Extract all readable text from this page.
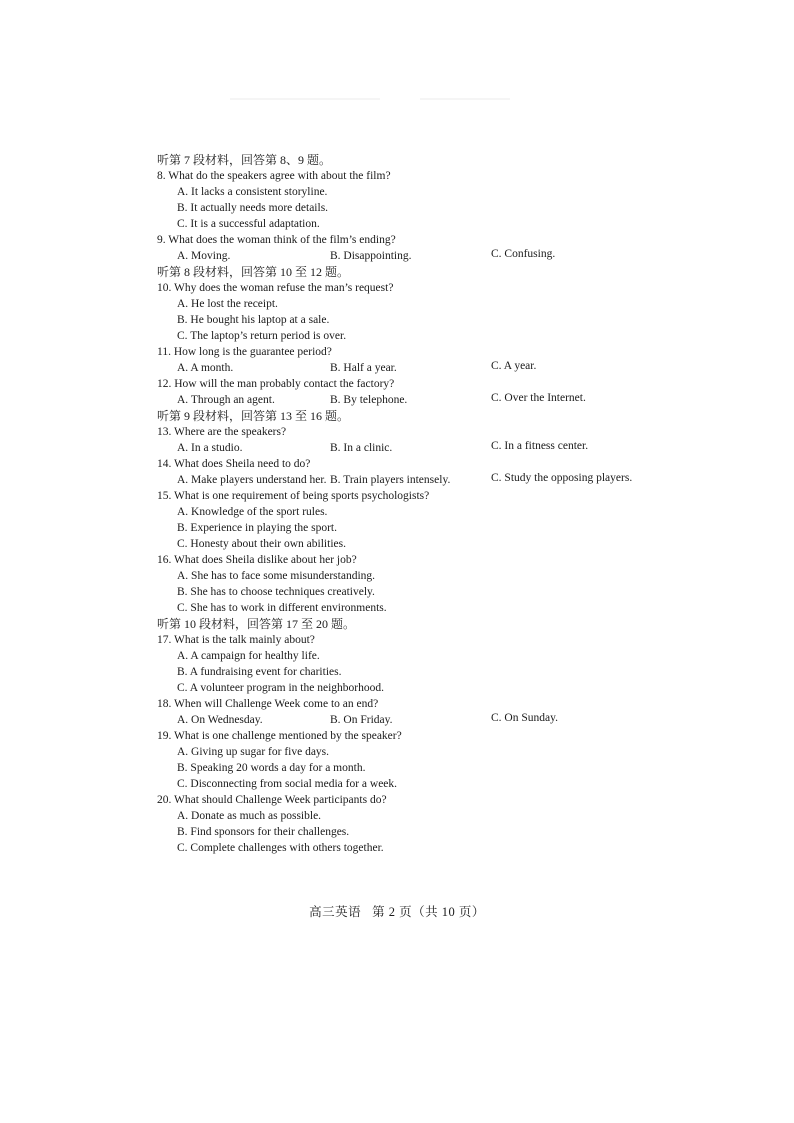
听第 7 段材料，回答第 8、9 题。
8. What do the speakers agree with about the film?
A. It lacks a consistent storyline.
B. It actually needs more details.
C. It is a successful adaptation.
9. What does the woman think of the film’s ending?
A. Moving.	B. Disappointing.	C. Confusing.
听第 8 段材料，回答第 10 至 12 题。
10. Why does the woman refuse the man’s request?
A. He lost the receipt.
B. He bought his laptop at a sale.
C. The laptop’s return period is over.
11. How long is the guarantee period?
A. A month.	B. Half a year.	C. A year.
12. How will the man probably contact the factory?
A. Through an agent.	B. By telephone.	C. Over the Internet.
听第 9 段材料，回答第 13 至 16 题。
13. Where are the speakers?
A. In a studio.	B. In a clinic.	C. In a fitness center.
14. What does Sheila need to do?
A. Make players understand her. B. Train players intensely.	C. Study the opposing players.
15. What is one requirement of being sports psychologists?
A. Knowledge of the sport rules.
B. Experience in playing the sport.
C. Honesty about their own abilities.
16. What does Sheila dislike about her job?
A. She has to face some misunderstanding.
B. She has to choose techniques creatively.
C. She has to work in different environments.
听第 10 段材料，回答第 17 至 20 题。
17. What is the talk mainly about?
A. A campaign for healthy life.
B. A fundraising event for charities.
C. A volunteer program in the neighborhood.
18. When will Challenge Week come to an end?
A. On Wednesday.	B. On Friday.	C. On Sunday.
19. What is one challenge mentioned by the speaker?
A. Giving up sugar for five days.
B. Speaking 20 words a day for a month.
C. Disconnecting from social media for a week.
20. What should Challenge Week participants do?
A. Donate as much as possible.
B. Find sponsors for their challenges.
C. Complete challenges with others together.
高三英语 第 2 页（共 10 页）
